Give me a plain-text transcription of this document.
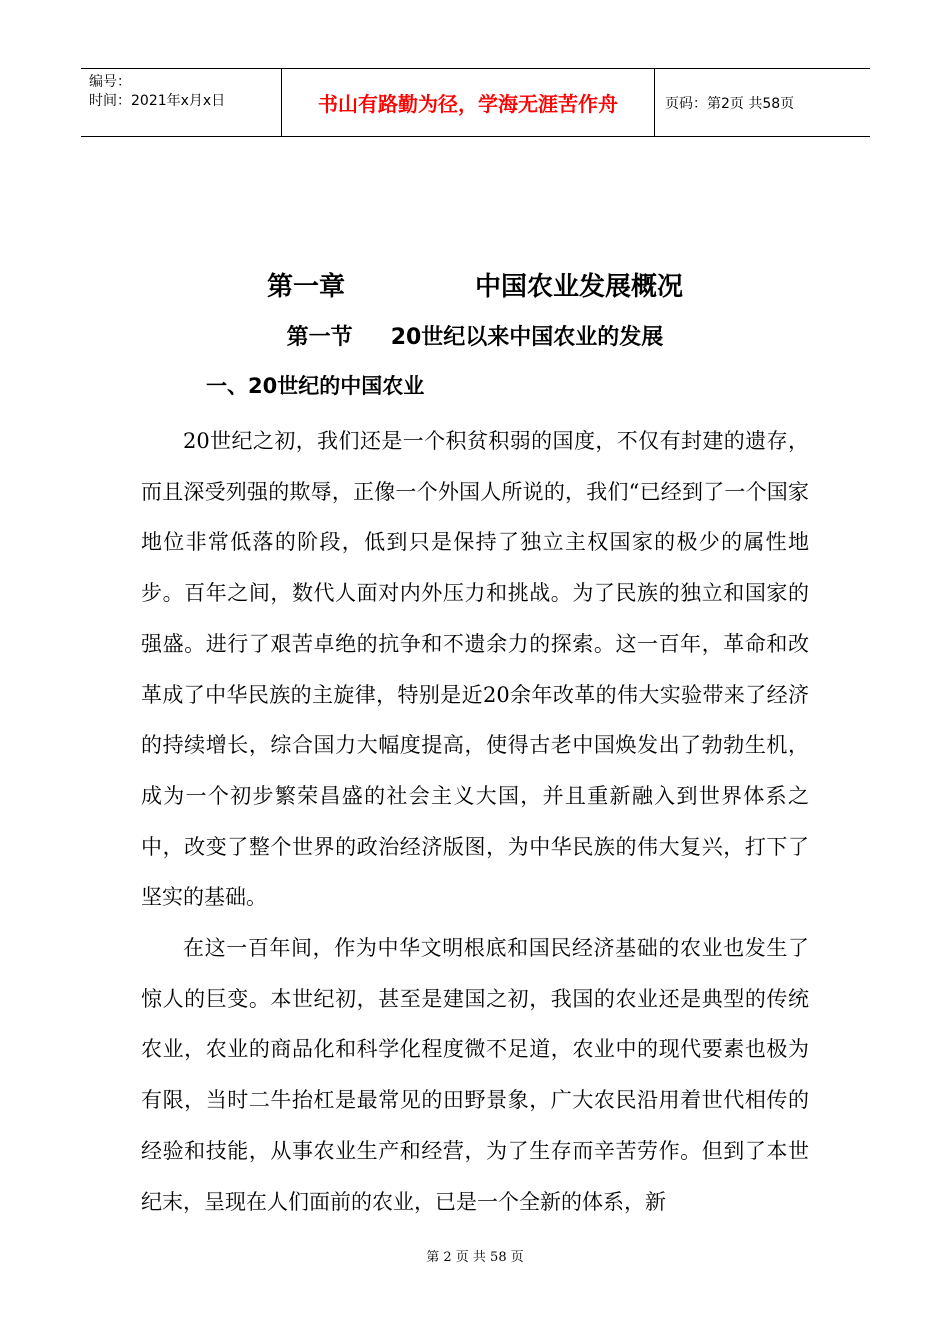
编号：
时间：2021年x月x日	书山有路勤为径，学海无涯苦作舟	页码：第2页 共58页
第一章	中国农业发展概况
第一节 20世纪以来中国农业的发展
一、20世纪的中国农业

20世纪之初，我们还是一个积贫积弱的国度，不仅有封建的遗存，而且深受列强的欺辱，正像一个外国人所说的，我们“已经到了一个国家地位非常低落的阶段，低到只是保持了独立主权国家的极少的属性地步。百年之间，数代人面对内外压力和挑战。为了民族的独立和国家的强盛。进行了艰苦卓绝的抗争和不遗余力的探索。这一百年，革命和改革成了中华民族的主旋律，特别是近20余年改革的伟大实验带来了经济的持续增长，综合国力大幅度提高，使得古老中国焕发出了勃勃生机，成为一个初步繁荣昌盛的社会主义大国，并且重新融入到世界体系之中，改变了整个世界的政治经济版图，为中华民族的伟大复兴，打下了坚实的基础。

在这一百年间，作为中华文明根底和国民经济基础的农业也发生了惊人的巨变。本世纪初，甚至是建国之初，我国的农业还是典型的传统农业，农业的商品化和科学化程度微不足道，农业中的现代要素也极为有限，当时二牛抬杠是最常见的田野景象，广大农民沿用着世代相传的经验和技能，从事农业生产和经营，为了生存而辛苦劳作。但到了本世纪末，呈现在人们面前的农业，已是一个全新的体系，新

第 2 页 共 58 页
